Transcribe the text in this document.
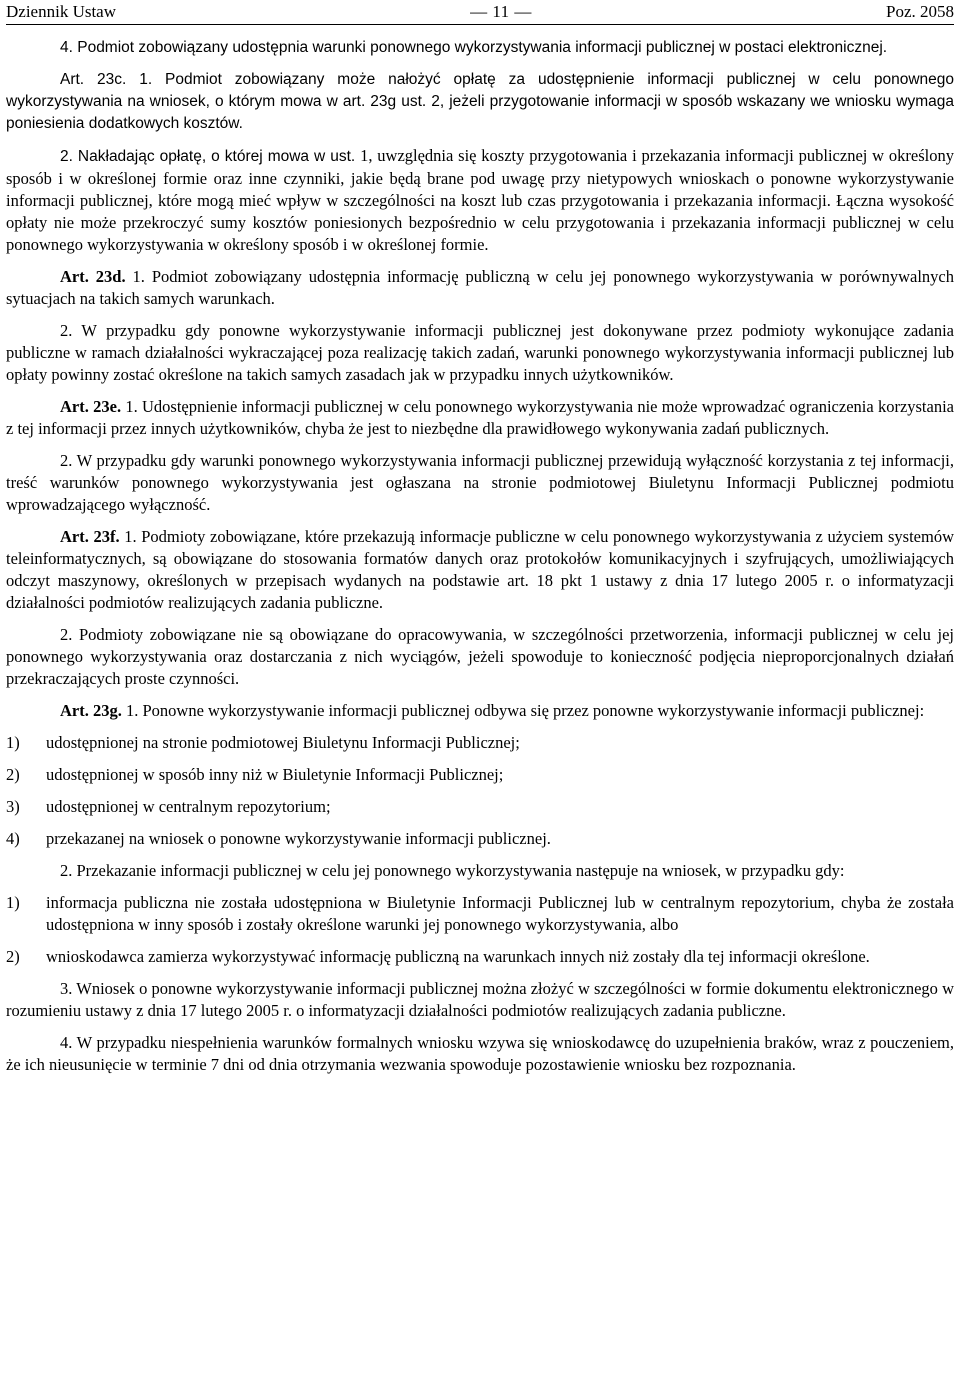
Dziennik Ustaw	— 11 —	Poz. 2058

4. Podmiot zobowiązany udostępnia warunki ponownego wykorzystywania informacji publicznej w postaci elektronicznej.

Art. 23c. 1. Podmiot zobowiązany może nałożyć opłatę za udostępnienie informacji publicznej w celu ponownego wykorzystywania na wniosek, o którym mowa w art. 23g ust. 2, jeżeli przygotowanie informacji w sposób wskazany we wniosku wymaga poniesienia dodatkowych kosztów.

2. Nakładając opłatę, o której mowa w ust. 1, uwzględnia się koszty przygotowania i przekazania informacji publicznej w określony sposób i w określonej formie oraz inne czynniki, jakie będą brane pod uwagę przy nietypowych wnioskach o ponowne wykorzystywanie informacji publicznej, które mogą mieć wpływ w szczególności na koszt lub czas przygotowania i przekazania informacji. Łączna wysokość opłaty nie może przekroczyć sumy kosztów poniesionych bezpośrednio w celu przygotowania i przekazania informacji publicznej w celu ponownego wykorzystywania w określony sposób i w określonej formie.

Art. 23d. 1. Podmiot zobowiązany udostępnia informację publiczną w celu jej ponownego wykorzystywania w porównywalnych sytuacjach na takich samych warunkach.

2. W przypadku gdy ponowne wykorzystywanie informacji publicznej jest dokonywane przez podmioty wykonujące zadania publiczne w ramach działalności wykraczającej poza realizację takich zadań, warunki ponownego wykorzystywania informacji publicznej lub opłaty powinny zostać określone na takich samych zasadach jak w przypadku innych użytkowników.

Art. 23e. 1. Udostępnienie informacji publicznej w celu ponownego wykorzystywania nie może wprowadzać ograniczenia korzystania z tej informacji przez innych użytkowników, chyba że jest to niezbędne dla prawidłowego wykonywania zadań publicznych.

2. W przypadku gdy warunki ponownego wykorzystywania informacji publicznej przewidują wyłączność korzystania z tej informacji, treść warunków ponownego wykorzystywania jest ogłaszana na stronie podmiotowej Biuletynu Informacji Publicznej podmiotu wprowadzającego wyłączność.

Art. 23f. 1. Podmioty zobowiązane, które przekazują informacje publiczne w celu ponownego wykorzystywania z użyciem systemów teleinformatycznych, są obowiązane do stosowania formatów danych oraz protokołów komunikacyjnych i szyfrujących, umożliwiających odczyt maszynowy, określonych w przepisach wydanych na podstawie art. 18 pkt 1 ustawy z dnia 17 lutego 2005 r. o informatyzacji działalności podmiotów realizujących zadania publiczne.

2. Podmioty zobowiązane nie są obowiązane do opracowywania, w szczególności przetworzenia, informacji publicznej w celu jej ponownego wykorzystywania oraz dostarczania z nich wyciągów, jeżeli spowoduje to konieczność podjęcia nieproporcjonalnych działań przekraczających proste czynności.

Art. 23g. 1. Ponowne wykorzystywanie informacji publicznej odbywa się przez ponowne wykorzystywanie informacji publicznej:

1)	udostępnionej na stronie podmiotowej Biuletynu Informacji Publicznej;
2)	udostępnionej w sposób inny niż w Biuletynie Informacji Publicznej;
3)	udostępnionej w centralnym repozytorium;
4)	przekazanej na wniosek o ponowne wykorzystywanie informacji publicznej.

2. Przekazanie informacji publicznej w celu jej ponownego wykorzystywania następuje na wniosek, w przypadku gdy:

1)	informacja publiczna nie została udostępniona w Biuletynie Informacji Publicznej lub w centralnym repozytorium, chyba że została udostępniona w inny sposób i zostały określone warunki jej ponownego wykorzystywania, albo
2)	wnioskodawca zamierza wykorzystywać informację publiczną na warunkach innych niż zostały dla tej informacji określone.

3. Wniosek o ponowne wykorzystywanie informacji publicznej można złożyć w szczególności w formie dokumentu elektronicznego w rozumieniu ustawy z dnia 17 lutego 2005 r. o informatyzacji działalności podmiotów realizujących zadania publiczne.

4. W przypadku niespełnienia warunków formalnych wniosku wzywa się wnioskodawcę do uzupełnienia braków, wraz z pouczeniem, że ich nieusunięcie w terminie 7 dni od dnia otrzymania wezwania spowoduje pozostawienie wniosku bez rozpoznania.
